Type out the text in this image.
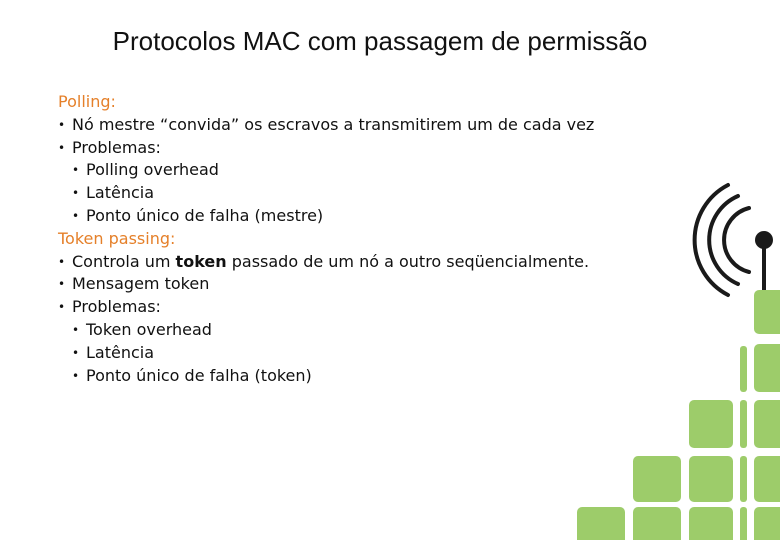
Protocolos MAC com passagem de permissão
Polling:
• Nó mestre “convida” os escravos a transmitirem um de cada vez
• Problemas:
• Polling overhead
• Latência
• Ponto único de falha (mestre)
Token passing:
• Controla um token passado de um nó a outro seqüencialmente.
• Mensagem token
• Problemas:
• Token overhead
• Latência
• Ponto único de falha (token)
